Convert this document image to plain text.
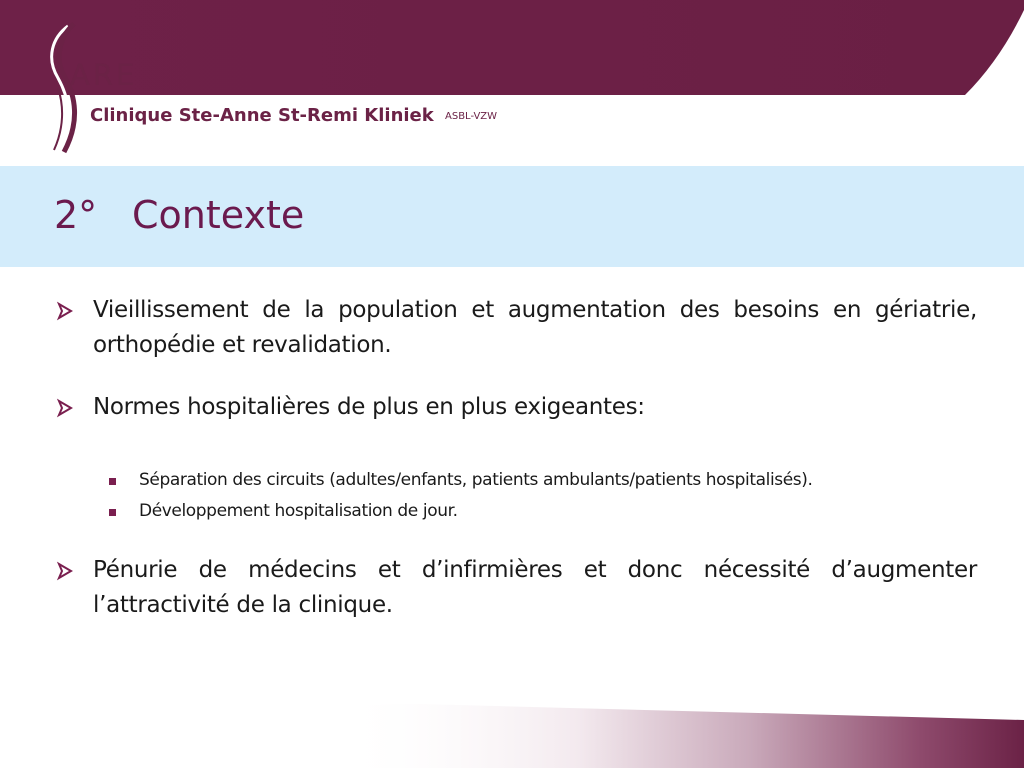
ARE
Clinique Ste-Anne St-Remi Kliniek ASBL-VZW
2° Contexte
Vieillissement de la population et augmentation des besoins en gériatrie, orthopédie et revalidation.
Normes hospitalières de plus en plus exigeantes:
Séparation des circuits (adultes/enfants, patients ambulants/patients hospitalisés).
Développement hospitalisation de jour.
Pénurie de médecins et d’infirmières et donc nécessité d’augmenter l’attractivité de la clinique.
